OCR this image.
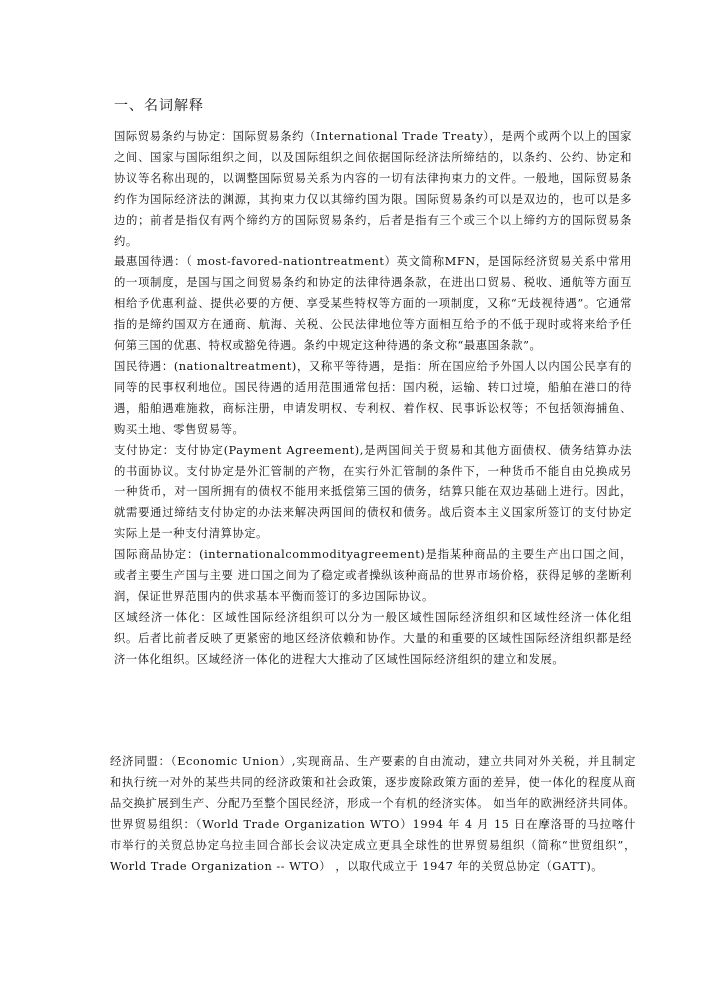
一、名词解释

国际贸易条约与协定：国际贸易条约（International Trade Treaty），是两个或两个以上的国家之间、国家与国际组织之间，以及国际组织之间依据国际经济法所缔结的，以条约、公约、协定和协议等名称出现的，以调整国际贸易关系为内容的一切有法律拘束力的文件。一般地，国际贸易条约作为国际经济法的渊源，其拘束力仅以其缔约国为限。国际贸易条约可以是双边的，也可以是多边的；前者是指仅有两个缔约方的国际贸易条约，后者是指有三个或三个以上缔约方的国际贸易条约。

最惠国待遇：（ most-favored-nationtreatment）英文简称MFN，是国际经济贸易关系中常用的一项制度，是国与国之间贸易条约和协定的法律待遇条款，在进出口贸易、税收、通航等方面互相给予优惠利益、提供必要的方便、享受某些特权等方面的一项制度，又称“无歧视待遇”。它通常指的是缔约国双方在通商、航海、关税、公民法律地位等方面相互给予的不低于现时或将来给予任何第三国的优惠、特权或豁免待遇。条约中规定这种待遇的条文称“最惠国条款”。

国民待遇：(nationaltreatment)，又称平等待遇，是指：所在国应给予外国人以内国公民享有的同等的民事权利地位。国民待遇的适用范围通常包括：国内税，运输、转口过境，船舶在港口的待遇，船舶遇难施救，商标注册，申请发明权、专利权、着作权、民事诉讼权等；不包括领海捕鱼、购买土地、零售贸易等。

支付协定：支付协定(Payment Agreement),是两国间关于贸易和其他方面债权、债务结算办法的书面协议。支付协定是外汇管制的产物，在实行外汇管制的条件下，一种货币不能自由兑换成另一种货币，对一国所拥有的债权不能用来抵偿第三国的债务，结算只能在双边基础上进行。因此，就需要通过缔结支付协定的办法来解决两国间的债权和债务。战后资本主义国家所签订的支付协定实际上是一种支付清算协定。

国际商品协定：(internationalcommodityagreement)是指某种商品的主要生产出口国之间，或者主要生产国与主要 进口国之间为了稳定或者操纵该种商品的世界市场价格，获得足够的垄断利润，保证世界范围内的供求基本平衡而签订的多边国际协议。

区域经济一体化：区域性国际经济组织可以分为一般区域性国际经济组织和区域性经济一体化组织。后者比前者反映了更紧密的地区经济依赖和协作。大量的和重要的区域性国际经济组织都是经济一体化组织。区域经济一体化的进程大大推动了区域性国际经济组织的建立和发展。

经济同盟：（Economic Union）,实现商品、生产要素的自由流动，建立共同对外关税，并且制定和执行统一对外的某些共同的经济政策和社会政策，逐步废除政策方面的差异，使一体化的程度从商品交换扩展到生产、分配乃至整个国民经济，形成一个有机的经济实体。 如当年的欧洲经济共同体。

世界贸易组织：（World Trade Organization WTO）1994 年 4 月 15 日在摩洛哥的马拉喀什市举行的关贸总协定乌拉圭回合部长会议决定成立更具全球性的世界贸易组织（简称“世贸组织”，World Trade Organization -- WTO） ，以取代成立于 1947 年的关贸总协定（GATT)。
